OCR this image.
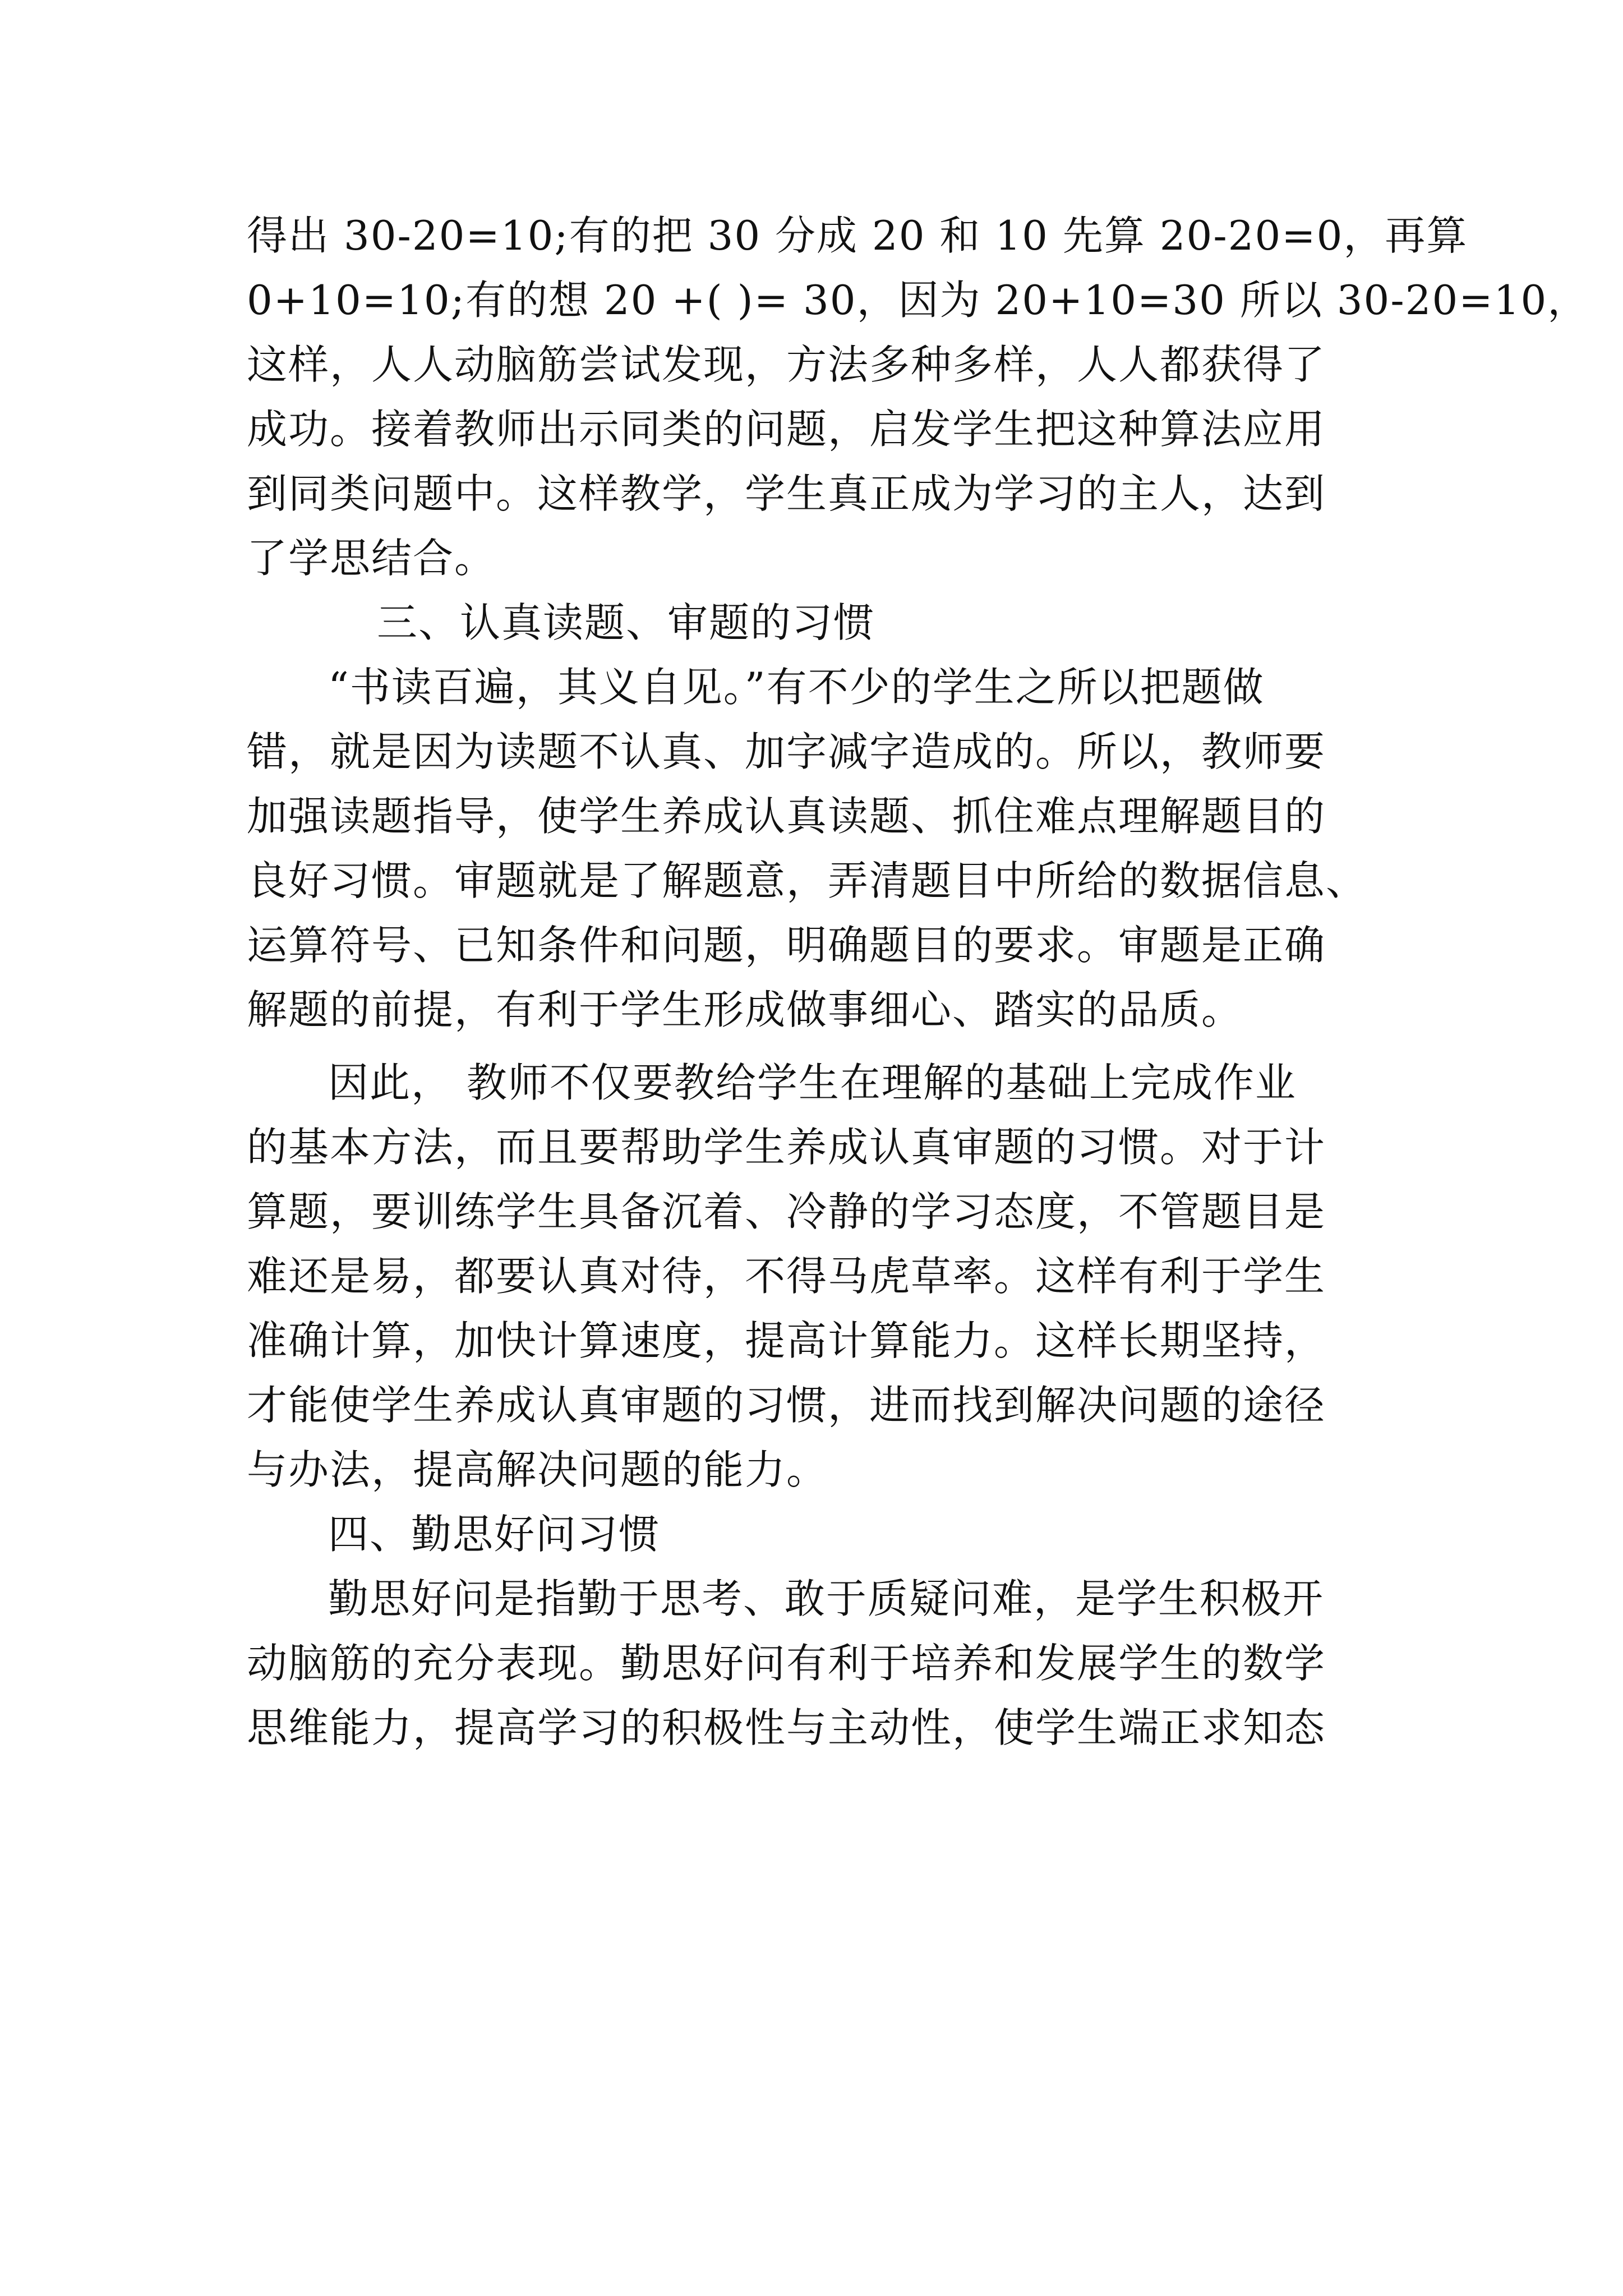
得出 30-20=10;有的把 30 分成 20 和 10 先算 20-20=0，再算
0+10=10;有的想 20 +( )= 30，因为 20+10=30 所以 30-20=10，
这样，人人动脑筋尝试发现，方法多种多样，人人都获得了
成功。接着教师出示同类的问题，启发学生把这种算法应用
到同类问题中。这样教学，学生真正成为学习的主人，达到
了学思结合。
三、认真读题、审题的习惯
“书读百遍，其义自见。”有不少的学生之所以把题做
错，就是因为读题不认真、加字减字造成的。所以，教师要
加强读题指导，使学生养成认真读题、抓住难点理解题目的
良好习惯。审题就是了解题意，弄清题目中所给的数据信息、
运算符号、已知条件和问题，明确题目的要求。审题是正确
解题的前提，有利于学生形成做事细心、踏实的品质。
因此， 教师不仅要教给学生在理解的基础上完成作业
的基本方法，而且要帮助学生养成认真审题的习惯。对于计
算题，要训练学生具备沉着、冷静的学习态度，不管题目是
难还是易，都要认真对待，不得马虎草率。这样有利于学生
准确计算，加快计算速度，提高计算能力。这样长期坚持，
才能使学生养成认真审题的习惯，进而找到解决问题的途径
与办法，提高解决问题的能力。
四、勤思好问习惯
勤思好问是指勤于思考、敢于质疑问难，是学生积极开
动脑筋的充分表现。勤思好问有利于培养和发展学生的数学
思维能力，提高学习的积极性与主动性，使学生端正求知态
